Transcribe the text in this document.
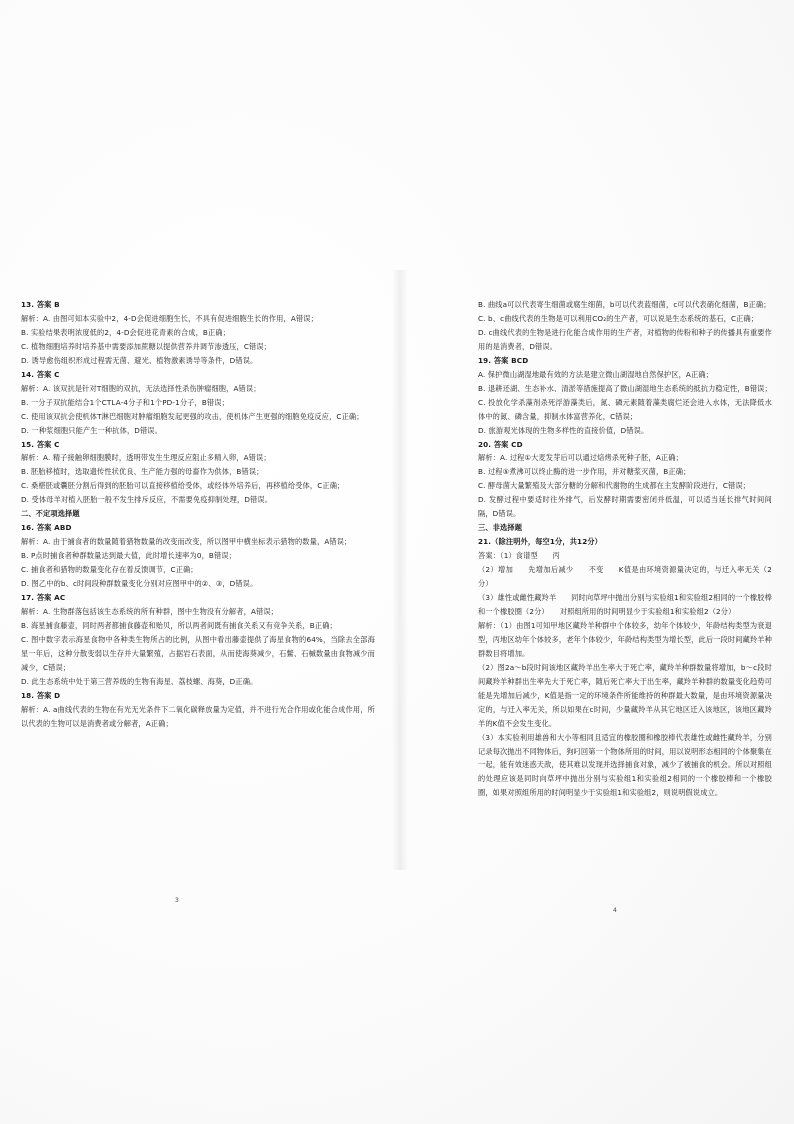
13. 答案 B

解析：A. 由图可知本实验中2，4-D会促进细胞生长，不具有促进细胞生长的作用，A错误；

B. 实验结果表明浓度低的2，4-D会促进花青素的合成，B正确；

C. 植物细胞培养时培养基中需要添加蔗糖以提供营养并调节渗透压，C错误；

D. 诱导愈伤组织形成过程需无菌、避光、植物激素诱导等条件，D错误。

14. 答案 C

解析：A. 该双抗是针对T细胞的双抗，无法选择性杀伤肿瘤细胞，A错误；

B. 一分子双抗能结合1个CTLA-4分子和1个PD-1分子，B错误；

C. 使用该双抗会使机体T淋巴细胞对肿瘤细胞发起更强的攻击，使机体产生更强的细胞免疫反应，C正确；

D. 一种浆细胞只能产生一种抗体，D错误。

15. 答案 C

解析：A. 精子接触卵细胞膜时，透明带发生生理反应阻止多精入卵，A错误；

B. 胚胎移植时，选取遗传性状优良、生产能力强的母畜作为供体，B错误；

C. 桑椹胚或囊胚分割后得到的胚胎可以直接移植给受体，或经体外培养后，再移植给受体，C正确；

D. 受体母羊对植入胚胎一般不发生排斥反应，不需要免疫抑制处理，D错误。

二、不定项选择题

16. 答案 ABD

解析：A. 由于捕食者的数量随着猎物数量的改变而改变，所以图甲中横坐标表示猎物的数量，A错误；

B. P点时捕食者种群数量达到最大值，此时增长速率为0，B错误；

C. 捕食者和猎物的数量变化存在着反馈调节，C正确；

D. 图乙中的b、c时间段种群数量变化分别对应图甲中的②、③，D错误。

17. 答案 AC

解析：A. 生物群落包括该生态系统的所有种群，图中生物没有分解者，A错误；

B. 海星捕食藤壶，同时两者都捕食藤壶和贻贝，所以两者间既有捕食关系又有竞争关系，B正确；

C. 图中数字表示海星食物中各种类生物所占的比例，从图中看出藤壶提供了海星食物的64%，当除去全部海星一年后，这种分散变弱以生存并大量繁殖，占据岩石表面，从而使海葵减少，石鳖、石槭数量由食物减少而减少，C错误；

D. 此生态系统中处于第三营养级的生物有海星、荔枝螺、海葵，D正确。

18. 答案 D

解析：A. a曲线代表的生物在有光无光条件下二氧化碳释放量为定值，并不进行光合作用或化能合成作用，所以代表的生物可以是消费者或分解者，A正确；

B. 曲线a可以代表寄生细菌或腐生细菌，b可以代表蓝细菌，c可以代表硝化细菌，B正确；

C. b、c曲线代表的生物是可以利用CO₂的生产者，可以说是生态系统的基石，C正确；

D. c曲线代表的生物是进行化能合成作用的生产者，对植物的传粉和种子的传播具有重要作用的是消费者，D错误。

19. 答案 BCD

A. 保护微山湖湿地最有效的方法是建立微山湖湿地自然保护区，A正确；

B. 退耕还湖、生态补水、清淤等措施提高了微山湖湿地生态系统的抵抗力稳定性，B错误；

C. 投放化学杀藻剂杀死浮游藻类后，氮、磷元素随着藻类腐烂还会进入水体，无法降低水体中的氮、磷含量，抑制水体富营养化，C错误；

D. 旅游观光体现的生物多样性的直接价值，D错误。

20. 答案 CD

解析：A. 过程①大麦发芽后可以通过焙烤杀死种子胚，A正确；

B. 过程⑤煮沸可以终止酶的进一步作用，并对糖浆灭菌，B正确；

C. 酵母菌大量繁殖及大部分糖的分解和代谢物的生成都在主发酵阶段进行，C错误；

D. 发酵过程中要适时往外排气，后发酵时期需要密闭并低温，可以适当延长排气时间间隔，D错误。

三、非选择题

21.（除注明外，每空1分，共12分）

答案：（1）食谱型　　丙

（2）增加　　先增加后减少　　不变　　K值是由环境资源量决定的，与迁入率无关（2分）

（3）雄性或雌性藏羚羊　　同时向草坪中抛出分别与实验组1和实验组2相同的一个橡胶棒和一个橡胶圈（2分）　　对照组所用的时间明显少于实验组1和实验组2（2分）

解析：（1）由图1可知甲地区藏羚羊种群中个体较多，幼年个体较少，年龄结构类型为衰退型，丙地区幼年个体较多，老年个体较少，年龄结构类型为增长型，此后一段时间藏羚羊种群数目将增加。

（2）图2a～b段时间该地区藏羚羊出生率大于死亡率，藏羚羊种群数量将增加，b～c段时间藏羚羊种群出生率先大于死亡率，随后死亡率大于出生率，藏羚羊种群的数量变化趋势可能是先增加后减少，K值是指一定的环境条件所能维持的种群最大数量，是由环境资源量决定的，与迁入率无关，所以如果在c时间，少量藏羚羊从其它地区迁入该地区，该地区藏羚羊的K值不会发生变化。

（3）本实验利用雄兽和大小等相同且适宜的橡胶圈和橡胶棒代表雄性或雌性藏羚羊，分别记录每次抛出不同物体后，狗叼回第一个物体所用的时间，用以说明形态相同的个体聚集在一起，能有效迷惑天敌，使其难以发现并选择捕食对象，减少了被捕食的机会。所以对照组的处理应该是同时向草坪中抛出分别与实验组1和实验组2相同的一个橡胶棒和一个橡胶圈，如果对照组所用的时间明显少于实验组1和实验组2，则说明假说成立。

3
4
